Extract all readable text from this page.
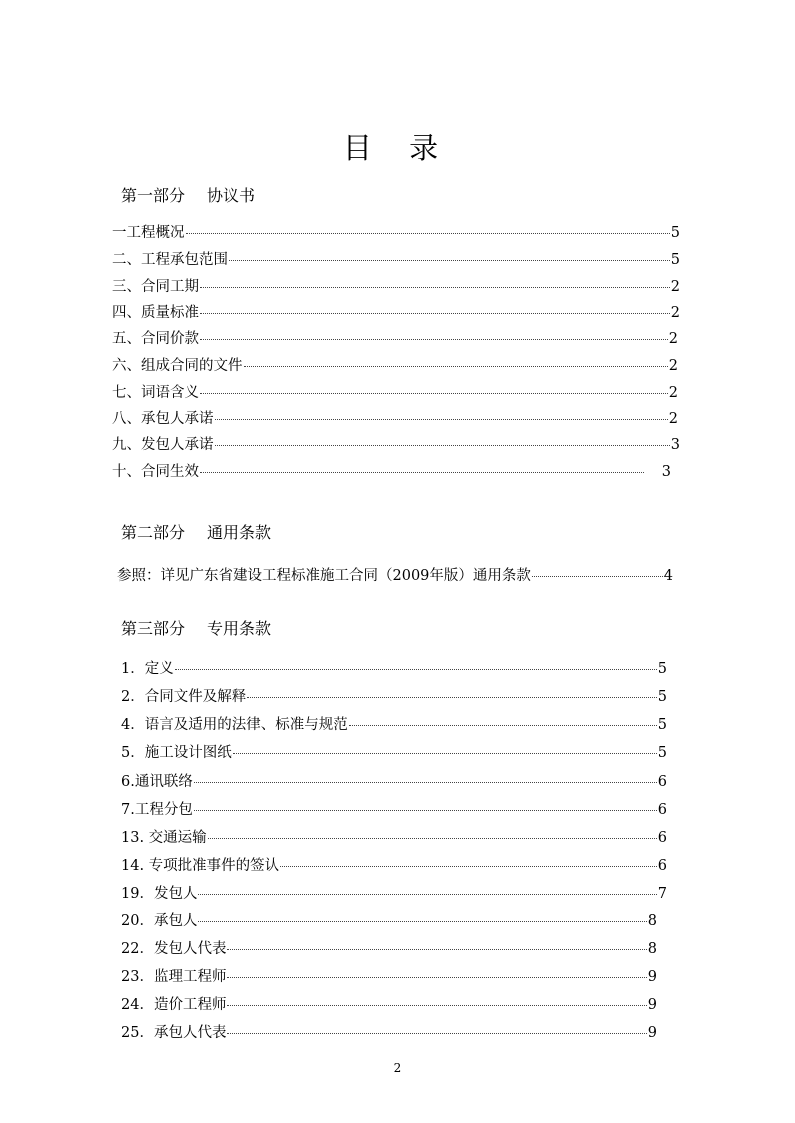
目 录
第一部分 协议书
一工程概况	5
二、工程承包范围	5
三、合同工期	2
四、质量标准	2
五、合同价款	2
六、组成合同的文件	2
七、词语含义	2
八、承包人承诺	2
九、发包人承诺	3
十、合同生效	3
第二部分 通用条款
参照：详见广东省建设工程标准施工合同（2009年版）通用条款	4
第三部分 专用条款
1．定义	5
2．合同文件及解释	5
4．语言及适用的法律、标准与规范	5
5．施工设计图纸	5
6.通讯联络	6
7.工程分包	6
13. 交通运输	6
14. 专项批准事件的签认	6
19．发包人	7
20．承包人	8
22．发包人代表	8
23．监理工程师	9
24．造价工程师	9
25．承包人代表	9
2
